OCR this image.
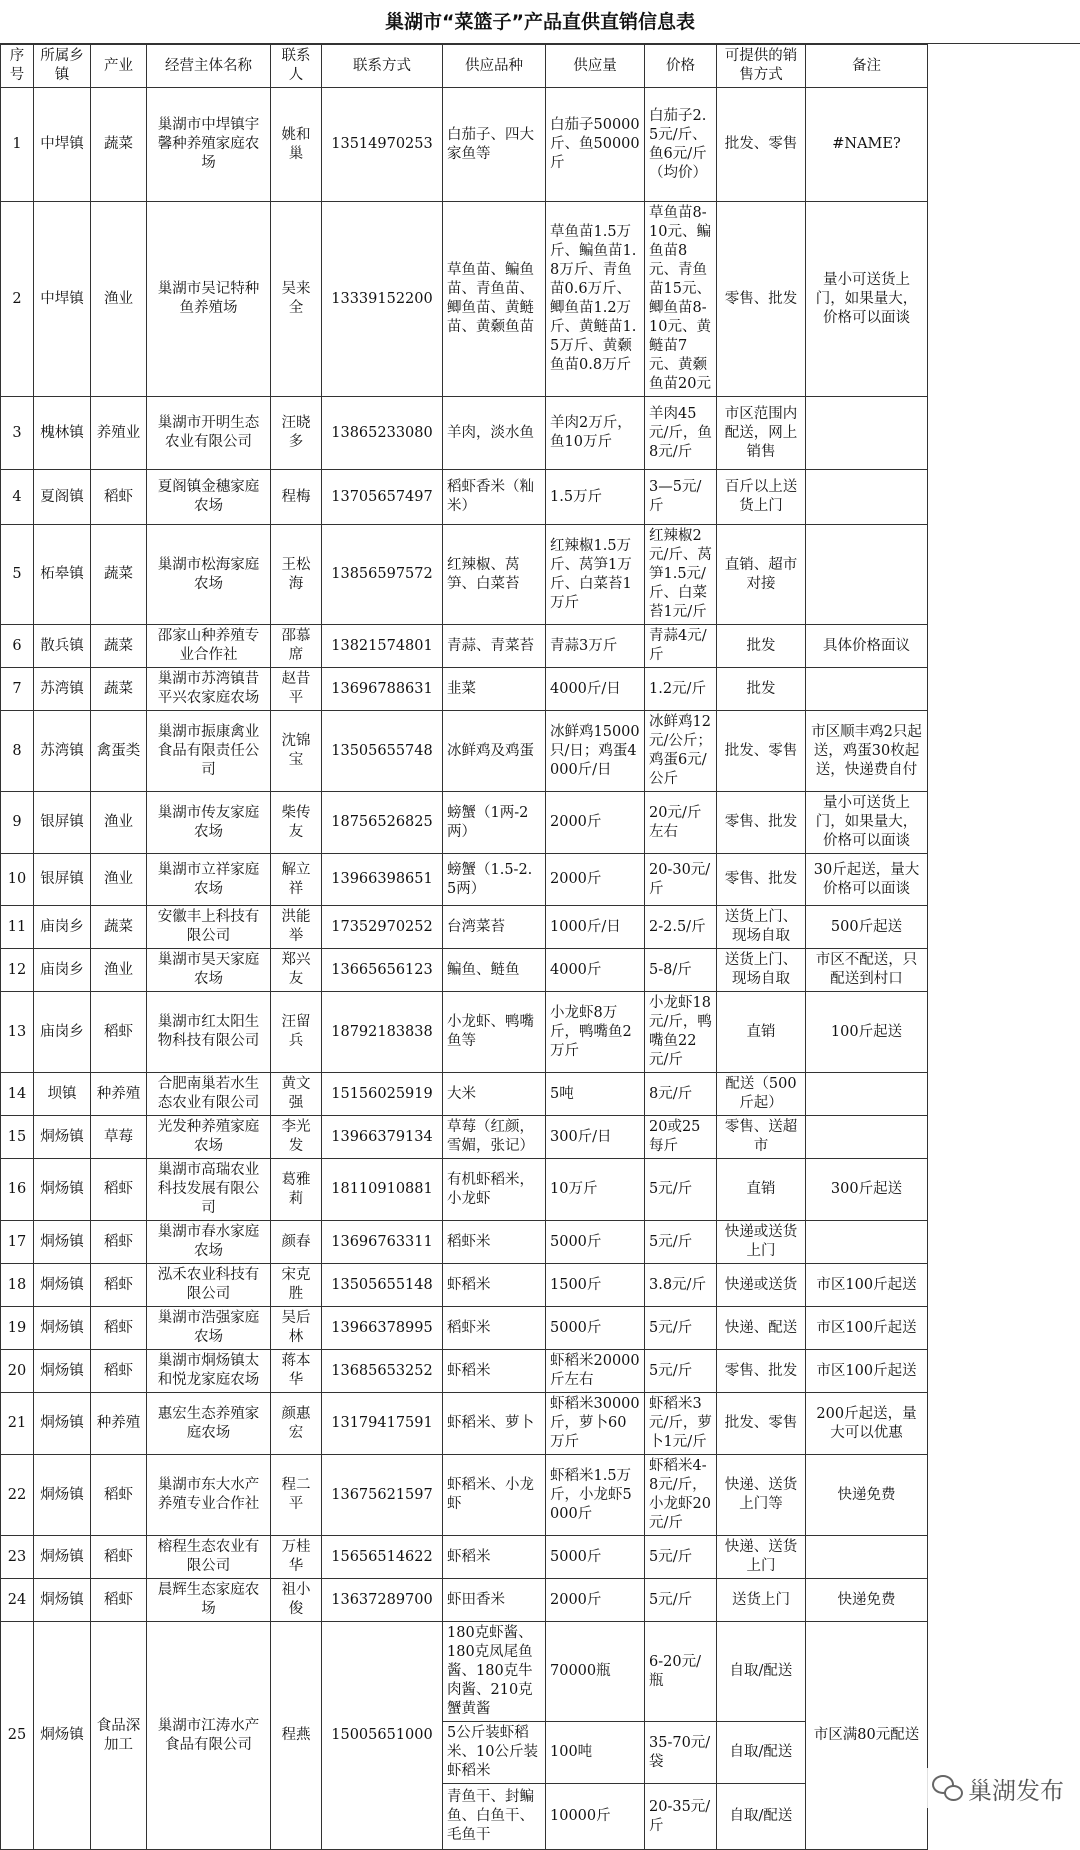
巢湖市“菜篮子”产品直供直销信息表
序号	所属乡镇	产业	经营主体名称	联系人	联系方式	供应品种	供应量	价格	可提供的销售方式	备注
1	中垾镇	蔬菜	巢湖市中垾镇宇馨种养殖家庭农场	姚和巢	13514970253	白茄子、四大家鱼等	白茄子50000斤、鱼50000斤	白茄子2.5元/斤、鱼6元/斤（均价）	批发、零售	#NAME?
2	中垾镇	渔业	巢湖市吴记特种鱼养殖场	吴来全	13339152200	草鱼苗、鳊鱼苗、青鱼苗、鲫鱼苗、黄鲢苗、黄颡鱼苗	草鱼苗1.5万斤、鳊鱼苗1.8万斤、青鱼苗0.6万斤、鲫鱼苗1.2万斤、黄鲢苗1.5万斤、黄颡鱼苗0.8万斤	草鱼苗8-10元、鳊鱼苗8元、青鱼苗15元、鲫鱼苗8-10元、黄鲢苗7元、黄颡鱼苗20元	零售、批发	量小可送货上门，如果量大，价格可以面谈
3	槐林镇	养殖业	巢湖市开明生态农业有限公司	汪晓多	13865233080	羊肉，淡水鱼	羊肉2万斤，鱼10万斤	羊肉45元/斤，鱼8元/斤	市区范围内配送，网上销售	
4	夏阁镇	稻虾	夏阁镇金穗家庭农场	程梅	13705657497	稻虾香米（籼米）	1.5万斤	3—5元/斤	百斤以上送货上门	
5	柘皋镇	蔬菜	巢湖市松海家庭农场	王松海	13856597572	红辣椒、莴笋、白菜苔	红辣椒1.5万斤、莴笋1万斤、白菜苔1万斤	红辣椒2元/斤、莴笋1.5元/斤、白菜苔1元/斤	直销、超市对接	
6	散兵镇	蔬菜	邵家山种养殖专业合作社	邵慕席	13821574801	青蒜、青菜苔	青蒜3万斤	青蒜4元/斤	批发	具体价格面议
7	苏湾镇	蔬菜	巢湖市苏湾镇昔平兴农家庭农场	赵昔平	13696788631	韭菜	4000斤/日	1.2元/斤	批发	
8	苏湾镇	禽蛋类	巢湖市振康禽业食品有限责任公司	沈锦宝	13505655748	冰鲜鸡及鸡蛋	冰鲜鸡15000只/日；鸡蛋4000斤/日	冰鲜鸡12元/公斤；鸡蛋6元/公斤	批发、零售	市区顺丰鸡2只起送，鸡蛋30枚起送，快递费自付
9	银屏镇	渔业	巢湖市传友家庭农场	柴传友	18756526825	螃蟹（1两-2两）	2000斤	20元/斤左右	零售、批发	量小可送货上门，如果量大，价格可以面谈
10	银屏镇	渔业	巢湖市立祥家庭农场	解立祥	13966398651	螃蟹（1.5-2.5两）	2000斤	20-30元/斤	零售、批发	30斤起送，量大价格可以面谈
11	庙岗乡	蔬菜	安徽丰上科技有限公司	洪能举	17352970252	台湾菜苔	1000斤/日	2-2.5/斤	送货上门、现场自取	500斤起送
12	庙岗乡	渔业	巢湖市昊天家庭农场	郑兴友	13665656123	鳊鱼、鲢鱼	4000斤	5-8/斤	送货上门、现场自取	市区不配送，只配送到村口
13	庙岗乡	稻虾	巢湖市红太阳生物科技有限公司	汪留兵	18792183838	小龙虾、鸭嘴鱼等	小龙虾8万斤，鸭嘴鱼2万斤	小龙虾18元/斤，鸭嘴鱼22元/斤	直销	100斤起送
14	坝镇	种养殖	合肥南巢若水生态农业有限公司	黄文强	15156025919	大米	5吨	8元/斤	配送（500斤起）	
15	烔炀镇	草莓	光发种养殖家庭农场	李光发	13966379134	草莓（红颜，雪媚，张记）	300斤/日	20或25每斤	零售、送超市	
16	烔炀镇	稻虾	巢湖市高瑞农业科技发展有限公司	葛雅莉	18110910881	有机虾稻米，小龙虾	10万斤	5元/斤	直销	300斤起送
17	烔炀镇	稻虾	巢湖市春水家庭农场	颜春	13696763311	稻虾米	5000斤	5元/斤	快递或送货上门	
18	烔炀镇	稻虾	泓禾农业科技有限公司	宋克胜	13505655148	虾稻米	1500斤	3.8元/斤	快递或送货	市区100斤起送
19	烔炀镇	稻虾	巢湖市浩强家庭农场	吴后林	13966378995	稻虾米	5000斤	5元/斤	快递、配送	市区100斤起送
20	烔炀镇	稻虾	巢湖市烔炀镇太和悦龙家庭农场	蒋本华	13685653252	虾稻米	虾稻米20000斤左右	5元/斤	零售、批发	市区100斤起送
21	烔炀镇	种养殖	惠宏生态养殖家庭农场	颜惠宏	13179417591	虾稻米、萝卜	虾稻米30000斤，萝卜60万斤	虾稻米3元/斤，萝卜1元/斤	批发、零售	200斤起送，量大可以优惠
22	烔炀镇	稻虾	巢湖市东大水产养殖专业合作社	程二平	13675621597	虾稻米、小龙虾	虾稻米1.5万斤，小龙虾5000斤	虾稻米4-8元/斤，小龙虾20元/斤	快递、送货上门等	快递免费
23	烔炀镇	稻虾	榕程生态农业有限公司	万桂华	15656514622	虾稻米	5000斤	5元/斤	快递、送货上门	
24	烔炀镇	稻虾	晨辉生态家庭农场	祖小俊	13637289700	虾田香米	2000斤	5元/斤	送货上门	快递免费
25	烔炀镇	食品深加工	巢湖市江涛水产食品有限公司	程燕	15005651000	180克虾酱、180克凤尾鱼酱、180克牛肉酱、210克蟹黄酱	70000瓶	6-20元/瓶	自取/配送	市区满80元配送
						5公斤装虾稻米、10公斤装虾稻米	100吨	35-70元/袋	自取/配送	
						青鱼干、封鳊鱼、白鱼干、毛鱼干	10000斤	20-35元/斤	自取/配送	
巢湖发布
